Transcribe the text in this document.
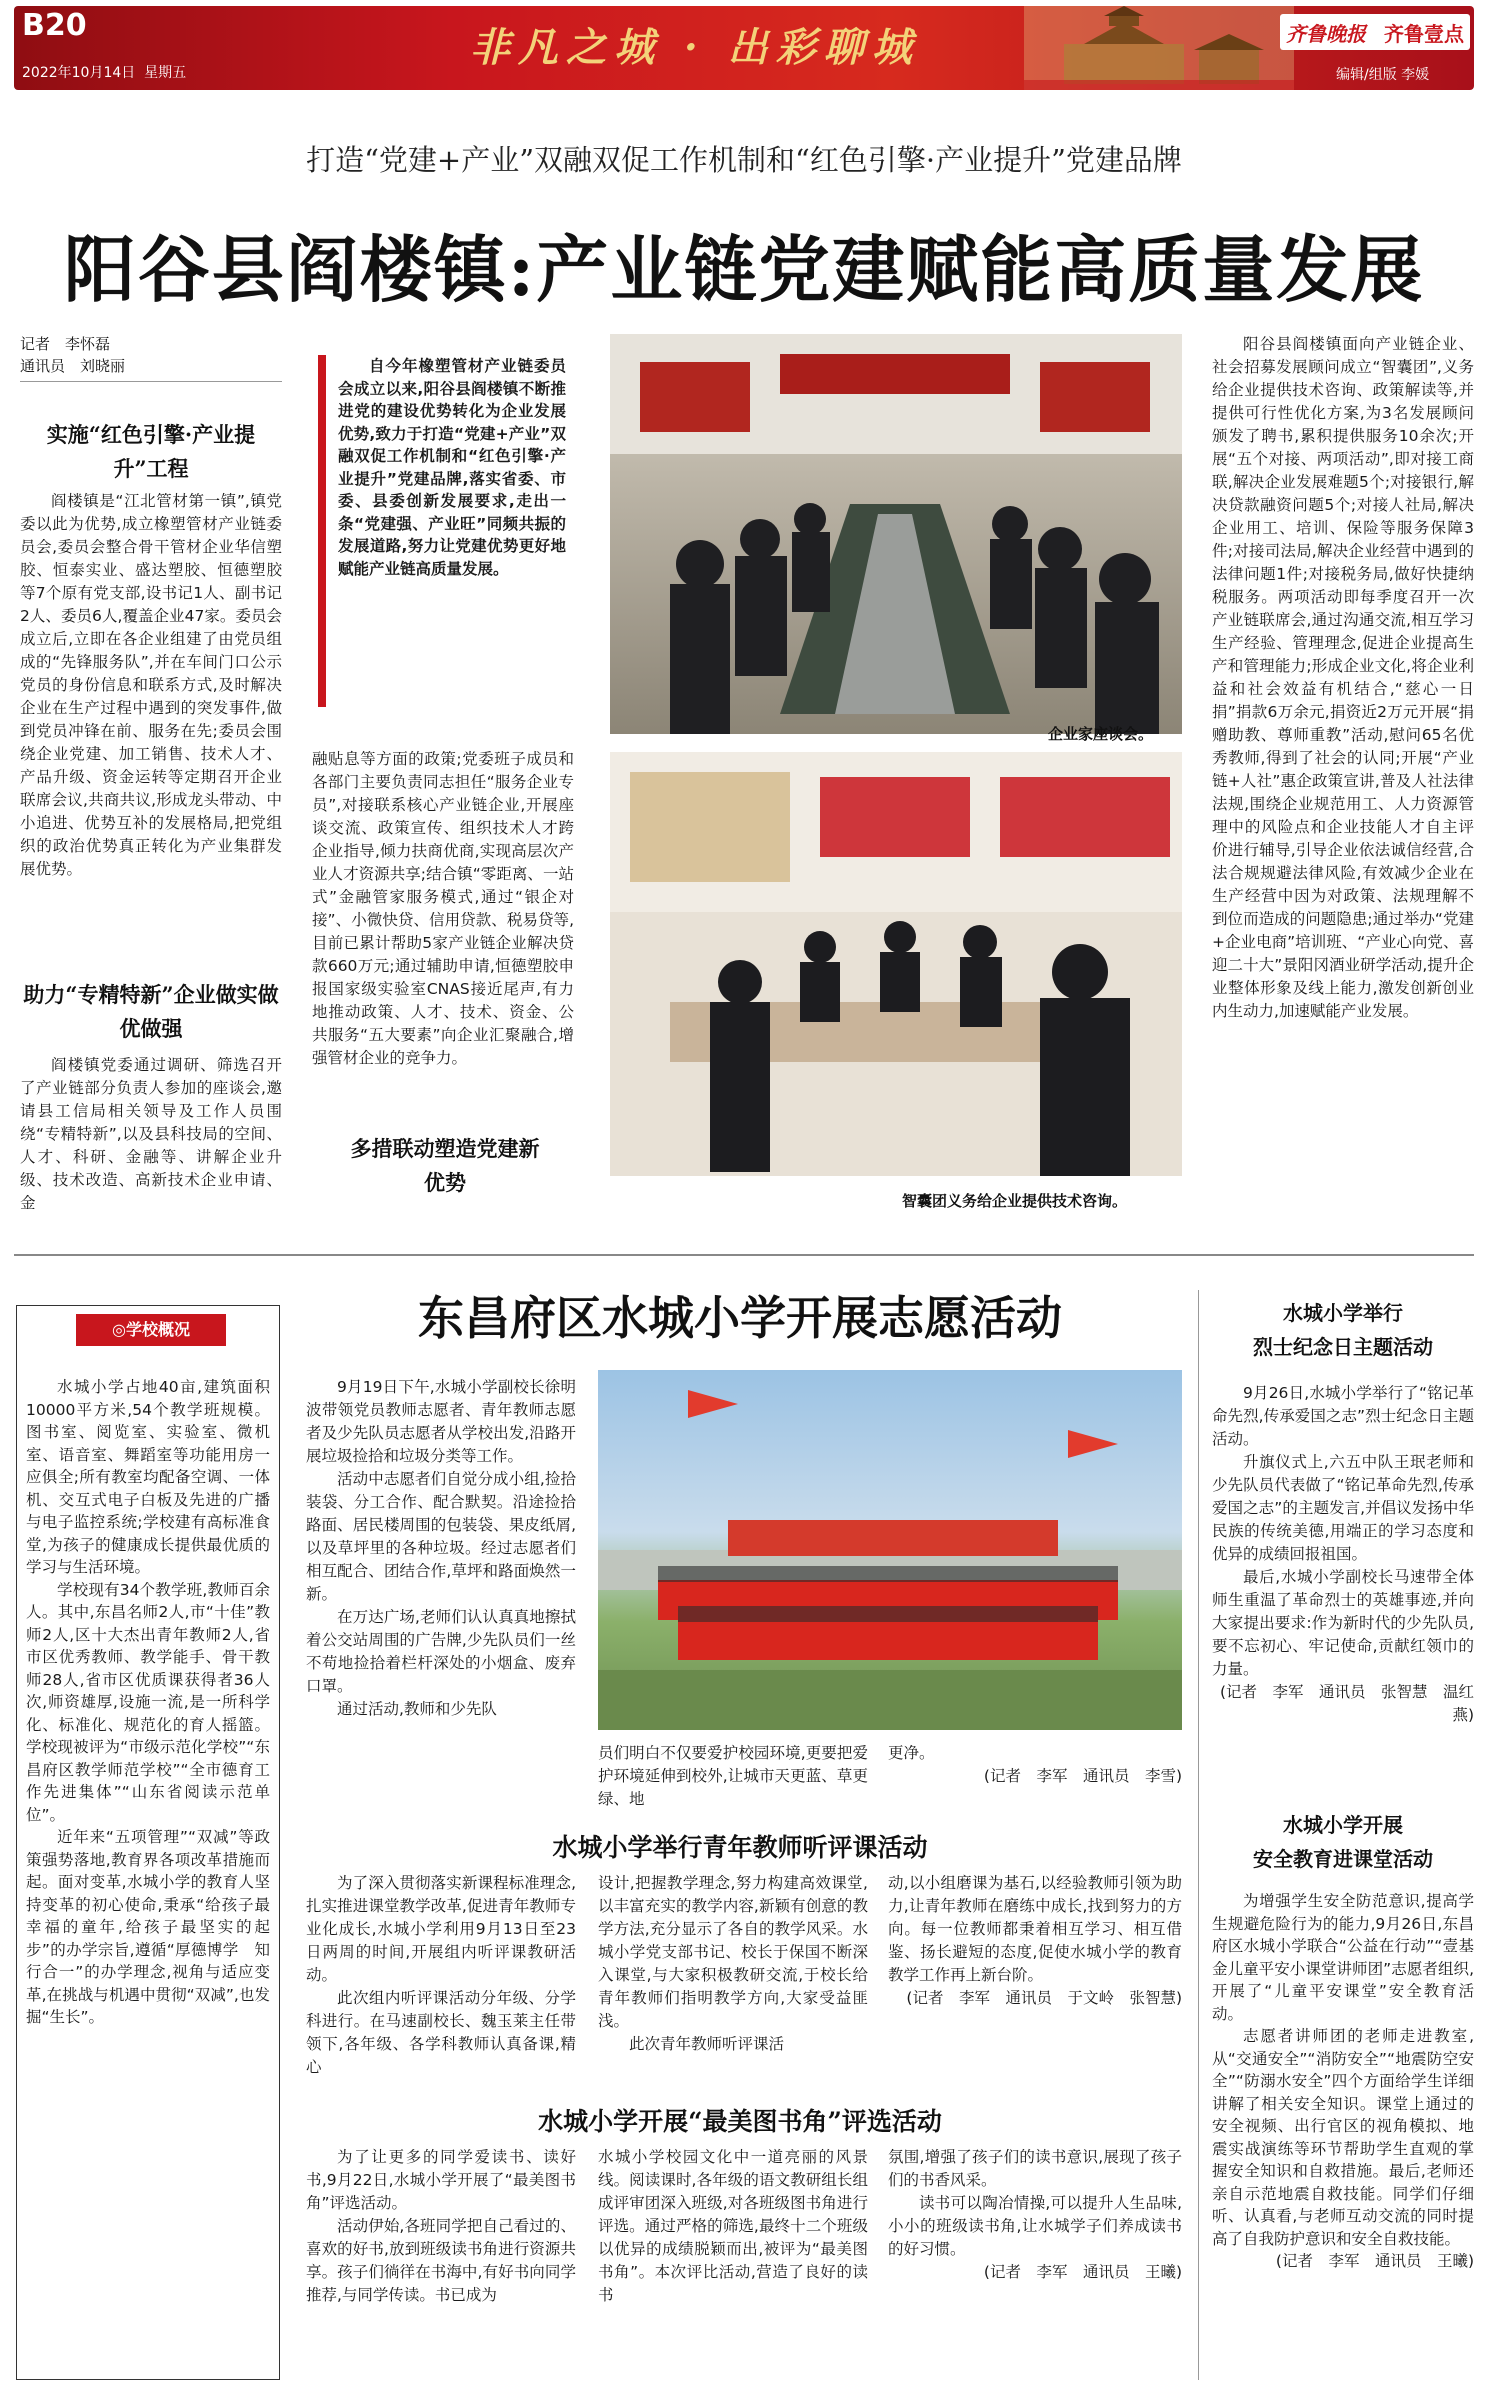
B20
2022年10月14日 星期五
非凡之城 · 出彩聊城	齐鲁晚报 齐鲁壹点
编辑/组版 李媛
打造“党建+产业”双融双促工作机制和“红色引擎·产业提升”党建品牌
阳谷县阎楼镇:产业链党建赋能高质量发展
记者　李怀磊
通讯员　刘晓丽
实施“红色引擎·产业提升”工程

阎楼镇是“江北管材第一镇”,镇党委以此为优势,成立橡塑管材产业链委员会,委员会整合骨干管材企业华信塑胶、恒泰实业、盛达塑胶、恒德塑胶等7个原有党支部,设书记1人、副书记2人、委员6人,覆盖企业47家。委员会成立后,立即在各企业组建了由党员组成的“先锋服务队”,并在车间门口公示党员的身份信息和联系方式,及时解决企业在生产过程中遇到的突发事件,做到党员冲锋在前、服务在先;委员会围绕企业党建、加工销售、技术人才、产品升级、资金运转等定期召开企业联席会议,共商共议,形成龙头带动、中小追进、优势互补的发展格局,把党组织的政治优势真正转化为产业集群发展优势。

助力“专精特新”企业做实做优做强

阎楼镇党委通过调研、筛选召开了产业链部分负责人参加的座谈会,邀请县工信局相关领导及工作人员围绕“专精特新”,以及县科技局的空间、人才、科研、金融等、讲解企业升级、技术改造、高新技术企业申请、金

自今年橡塑管材产业链委员会成立以来,阳谷县阎楼镇不断推进党的建设优势转化为企业发展优势,致力于打造“党建+产业”双融双促工作机制和“红色引擎·产业提升”党建品牌,落实省委、市委、县委创新发展要求,走出一条“党建强、产业旺”同频共振的发展道路,努力让党建优势更好地赋能产业链高质量发展。

融贴息等方面的政策;党委班子成员和各部门主要负责同志担任“服务企业专员”,对接联系核心产业链企业,开展座谈交流、政策宣传、组织技术人才跨企业指导,倾力扶商优商,实现高层次产业人才资源共享;结合镇“零距离、一站式”金融管家服务模式,通过“银企对接”、小微快贷、信用贷款、税易贷等,目前已累计帮助5家产业链企业解决贷款660万元;通过辅助申请,恒德塑胶申报国家级实验室CNAS接近尾声,有力地推动政策、人才、技术、资金、公共服务“五大要素”向企业汇聚融合,增强管材企业的竞争力。

多措联动塑造党建新优势
企业家座谈会。
智囊团义务给企业提供技术咨询。

阳谷县阎楼镇面向产业链企业、社会招募发展顾问成立“智囊团”,义务给企业提供技术咨询、政策解读等,并提供可行性优化方案,为3名发展顾问颁发了聘书,累积提供服务10余次;开展“五个对接、两项活动”,即对接工商联,解决企业发展难题5个;对接银行,解决贷款融资问题5个;对接人社局,解决企业用工、培训、保险等服务保障3件;对接司法局,解决企业经营中遇到的法律问题1件;对接税务局,做好快捷纳税服务。两项活动即每季度召开一次产业链联席会,通过沟通交流,相互学习生产经验、管理理念,促进企业提高生产和管理能力;形成企业文化,将企业利益和社会效益有机结合,“慈心一日捐”捐款6万余元,捐资近2万元开展“捐赠助教、尊师重教”活动,慰问65名优秀教师,得到了社会的认同;开展“产业链+人社”惠企政策宣讲,普及人社法律法规,围绕企业规范用工、人力资源管理中的风险点和企业技能人才自主评价进行辅导,引导企业依法诚信经营,合法合规规避法律风险,有效减少企业在生产经营中因为对政策、法规理解不到位而造成的问题隐患;通过举办“党建+企业电商”培训班、“产业心向党、喜迎二十大”景阳冈酒业研学活动,提升企业整体形象及线上能力,激发创新创业内生动力,加速赋能产业发展。

◎学校概况

水城小学占地40亩,建筑面积10000平方米,54个教学班规模。图书室、阅览室、实验室、微机室、语音室、舞蹈室等功能用房一应俱全;所有教室均配备空调、一体机、交互式电子白板及先进的广播与电子监控系统;学校建有高标准食堂,为孩子的健康成长提供最优质的学习与生活环境。

学校现有34个教学班,教师百余人。其中,东昌名师2人,市“十佳”教师2人,区十大杰出青年教师2人,省市区优秀教师、教学能手、骨干教师28人,省市区优质课获得者36人次,师资雄厚,设施一流,是一所科学化、标准化、规范化的育人摇篮。学校现被评为“市级示范化学校”“东昌府区教学师范学校”“全市德育工作先进集体”“山东省阅读示范单位”。

近年来“五项管理”“双减”等政策强势落地,教育界各项改革措施而起。面对变革,水城小学的教育人坚持变革的初心使命,秉承“给孩子最幸福的童年,给孩子最坚实的起步”的办学宗旨,遵循“厚德博学　知行合一”的办学理念,视角与适应变革,在挑战与机遇中贯彻“双减”,也发掘“生长”。

东昌府区水城小学开展志愿活动

9月19日下午,水城小学副校长徐明波带领党员教师志愿者、青年教师志愿者及少先队员志愿者从学校出发,沿路开展垃圾捡拾和垃圾分类等工作。

活动中志愿者们自觉分成小组,捡拾装袋、分工合作、配合默契。沿途捡拾路面、居民楼周围的包装袋、果皮纸屑,以及草坪里的各种垃圾。经过志愿者们相互配合、团结合作,草坪和路面焕然一新。

在万达广场,老师们认认真真地擦拭着公交站周围的广告牌,少先队员们一丝不苟地捡拾着栏杆深处的小烟盒、废弃口罩。

通过活动,教师和少先队

员们明白不仅要爱护校园环境,更要把爱护环境延伸到校外,让城市天更蓝、草更绿、地

更净。

(记者　李军　通讯员　李雪)

水城小学举行青年教师听评课活动

为了深入贯彻落实新课程标准理念,扎实推进课堂教学改革,促进青年教师专业化成长,水城小学利用9月13日至23日两周的时间,开展组内听评课教研活动。

此次组内听评课活动分年级、分学科进行。在马速副校长、魏玉莱主任带领下,各年级、各学科教师认真备课,精心

设计,把握教学理念,努力构建高效课堂,以丰富充实的教学内容,新颖有创意的教学方法,充分显示了各自的教学风采。水城小学党支部书记、校长于保国不断深入课堂,与大家积极教研交流,于校长给青年教师们指明教学方向,大家受益匪浅。

此次青年教师听评课活

动,以小组磨课为基石,以经验教师引领为助力,让青年教师在磨练中成长,找到努力的方向。每一位教师都秉着相互学习、相互借鉴、扬长避短的态度,促使水城小学的教育教学工作再上新台阶。

(记者　李军　通讯员　于文岭　张智慧)

水城小学开展“最美图书角”评选活动

为了让更多的同学爱读书、读好书,9月22日,水城小学开展了“最美图书角”评选活动。

活动伊始,各班同学把自己看过的、喜欢的好书,放到班级读书角进行资源共享。孩子们徜徉在书海中,有好书向同学推荐,与同学传读。书已成为

水城小学校园文化中一道亮丽的风景线。阅读课时,各年级的语文教研组长组成评审团深入班级,对各班级图书角进行评选。通过严格的筛选,最终十二个班级以优异的成绩脱颖而出,被评为“最美图书角”。本次评比活动,营造了良好的读书

氛围,增强了孩子们的读书意识,展现了孩子们的书香风采。

读书可以陶冶情操,可以提升人生品味,小小的班级读书角,让水城学子们养成读书的好习惯。

(记者　李军　通讯员　王曦)

水城小学举行
烈士纪念日主题活动

9月26日,水城小学举行了“铭记革命先烈,传承爱国之志”烈士纪念日主题活动。

升旗仪式上,六五中队王珉老师和少先队员代表做了“铭记革命先烈,传承爱国之志”的主题发言,并倡议发扬中华民族的传统美德,用端正的学习态度和优异的成绩回报祖国。

最后,水城小学副校长马速带全体师生重温了革命烈士的英雄事迹,并向大家提出要求:作为新时代的少先队员,要不忘初心、牢记使命,贡献红领巾的力量。

(记者　李军　通讯员　张智慧　温红燕)

水城小学开展
安全教育进课堂活动

为增强学生安全防范意识,提高学生规避危险行为的能力,9月26日,东昌府区水城小学联合“公益在行动”“壹基金儿童平安小课堂讲师团”志愿者组织,开展了“儿童平安课堂”安全教育活动。

志愿者讲师团的老师走进教室,从“交通安全”“消防安全”“地震防空安全”“防溺水安全”四个方面给学生详细讲解了相关安全知识。课堂上通过的安全视频、出行官区的视角模拟、地震实战演练等环节帮助学生直观的掌握安全知识和自救措施。最后,老师还亲自示范地震自救技能。同学们仔细听、认真看,与老师互动交流的同时提高了自我防护意识和安全自救技能。

(记者　李军　通讯员　王曦)
